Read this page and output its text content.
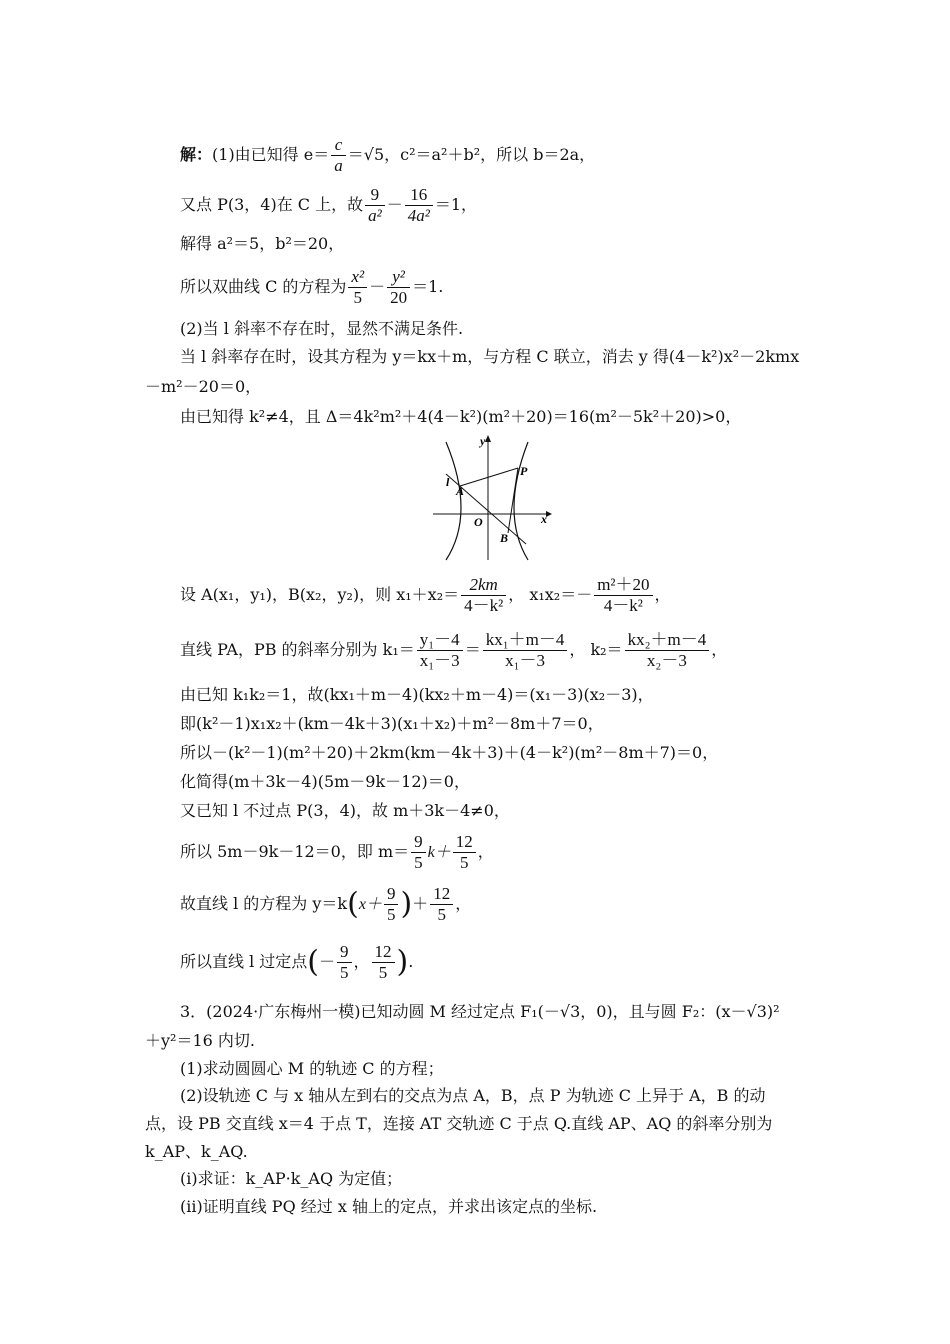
解：(1)由已知得 $e= \frac{c}{a} =√5$，c²＝a²＋b²，所以 b＝2a，
又点 P(3，4)在 C 上，故 $\frac{9}{\text{a²}} - \frac{16}{\text{4a²}} =1$，
解得 a²＝5，b²＝20，
所以双曲线 C 的方程为 $\frac{\text{x²}}{5} - \frac{\text{y²}}{20} =1$.
(2)当 l 斜率不存在时，显然不满足条件.
当 l 斜率存在时，设其方程为 y＝kx＋m，与方程 C 联立，消去 y 得(4－k²)x²－2kmx
－m²－20＝0，
由已知得 k²≠4，且 Δ＝4k²m²＋4(4－k²)(m²＋20)＝16(m²－5k²＋20)>0，
y
x
O
P
A
B
l
设 A(x₁，y₁)，B(x₂，y₂)，则 $x_1+x_2= \frac{2km}{\text{4－k²}}$ ， $x_1x_2=- \frac{\text{m²＋20}}{\text{4－k²}}$ ，
直线 PA，PB 的斜率分别为 $k_1= \frac{\text{y₁－4}}{\text{x₁－3}} = \frac{\text{kx₁＋m－4}}{\text{x₁－3}}$ ， $k_2= \frac{\text{kx₂＋m－4}}{\text{x₂－3}}$ ，
由已知 k₁k₂＝1，故(kx₁＋m－4)(kx₂＋m－4)＝(x₁－3)(x₂－3)，
即(k²－1)x₁x₂＋(km－4k＋3)(x₁＋x₂)＋m²－8m＋7＝0，
所以－(k²－1)(m²＋20)＋2km(km－4k＋3)＋(4－k²)(m²－8m＋7)＝0，
化简得(m＋3k－4)(5m－9k－12)＝0，
又已知 l 不过点 P(3，4)，故 m＋3k－4≠0，
所以 5m－9k－12＝0，即 $m= \frac{9}{5} k+ \frac{12}{5}$ ，
故直线 l 的方程为 $y=k(x+ \frac{9}{5}$ )＋ $\frac{12}{5}$ ，
所以直线 l 过定点(－ $\frac{9}{5}$ ， $\frac{12}{5}$ ).
3．(2024·广东梅州一模)已知动圆 M 经过定点 F₁(－√3，0)，且与圆 F₂：(x－√3)²
＋y²＝16 内切.
(1)求动圆圆心 M 的轨迹 C 的方程；
(2)设轨迹 C 与 x 轴从左到右的交点为点 A，B，点 P 为轨迹 C 上异于 A，B 的动
点，设 PB 交直线 x＝4 于点 T，连接 AT 交轨迹 C 于点 Q.直线 AP、AQ 的斜率分别为
k_AP、k_AQ.
(i)求证：k_AP·k_AQ 为定值；
(ii)证明直线 PQ 经过 x 轴上的定点，并求出该定点的坐标.
